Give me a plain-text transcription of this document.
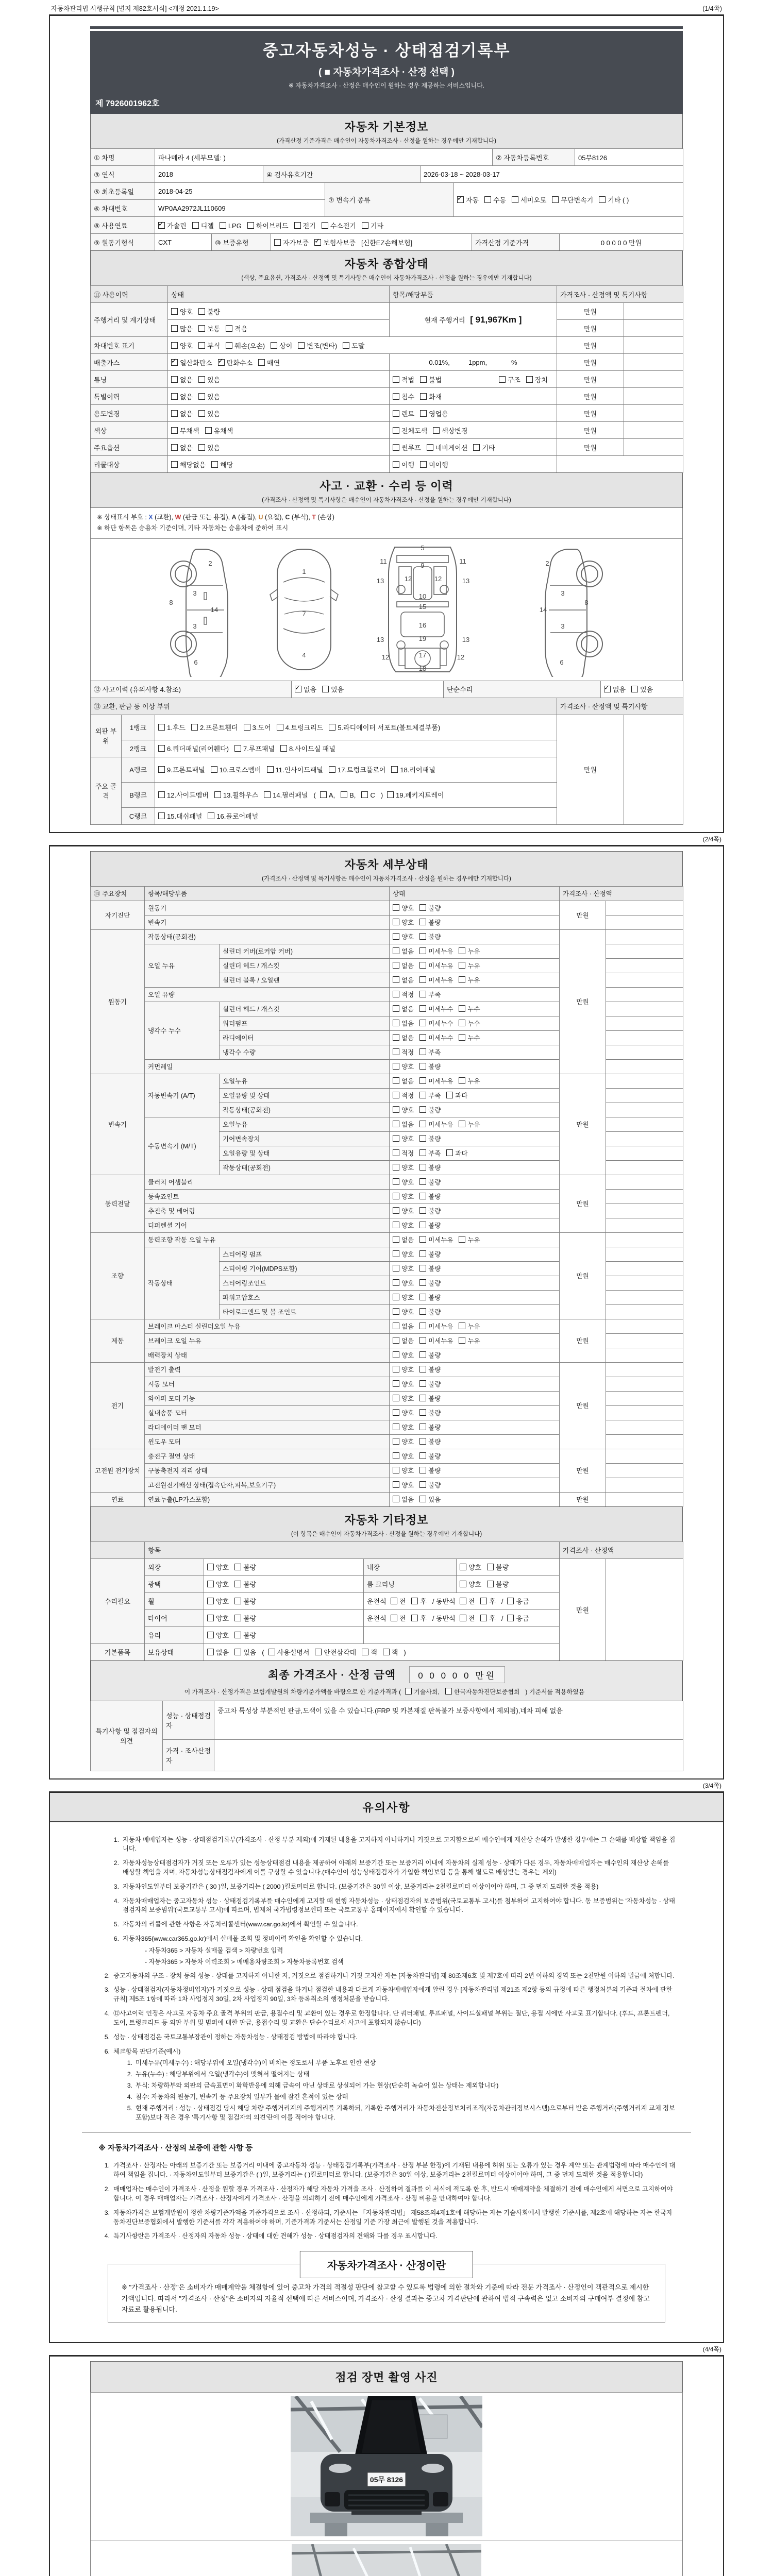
자동차관리법 시행규칙 [별지 제82호서식] <개정 2021.1.19>	(1/4쪽)
중고자동차성능 · 상태점검기록부
( ■ 자동차가격조사 · 산정 선택 )
※ 자동차가격조사 · 산정은 매수인이 원하는 경우 제공하는 서비스입니다.
제 7926001962호
자동차 기본정보
(가격산정 기준가격은 매수인이 자동차가격조사 · 산정을 원하는 경우에만 기재합니다)
① 차명	파나메라 4 (세부모델: )	② 자동차등록번호	05무8126
③ 연식	2018	④ 검사유효기간	2026-03-18 ~ 2028-03-17
⑤ 최초등록일	2018-04-25	⑦ 변속기 종류	✓자동 수동 세미오토 무단변속기 기타 ( )
⑥ 차대번호	WP0AA2972JL110609		
⑧ 사용연료	✓가솔린 디젤 LPG 하이브리드 전기 수소전기 기타
⑨ 원동기형식	CXT	⑩ 보증유형	자가보증 ✓ 보험사보증 [신한EZ손해보험]	가격산정 기준가격	0 0 0 0 0 만원
자동차 종합상태
(색상, 주요옵션, 가격조사 · 산정액 및 특기사항은 매수인이 자동차가격조사 · 산정을 원하는 경우에만 기재합니다)
⑪ 사용이력	상태	항목/해당부품	가격조사 · 산정액 및 특기사항	
주행거리 및 계기상태	양호 불량	현재 주행거리 [ 91,967Km ]	만원	
	많음 보통 적음		만원	
차대번호 표기	양호 부식 훼손(오손) 상이 변조(변타) 도말		만원	
배출가스	✓일산화탄소 ✓ 탄화수소 매연	0.01%,          1ppm,             %	만원	
튜닝	없음 있음	적법 불법 구조 장치	만원	
특별이력	없음 있음	침수 화재	만원	
용도변경	없음 있음	렌트 영업용	만원	
색상	무채색 유채색	전체도색 색상변경	만원	
주요옵션	없음 있음	썬루프 네비게이션 기타	만원	
리콜대상	해당없음 해당	이행 미이행		
사고 · 교환 · 수리 등 이력
(가격조사 · 산정액 및 특기사항은 매수인이 자동차가격조사 · 산정을 원하는 경우에만 기재합니다)
※ 상태표시 부호 : X (교환), W (판금 또는 용접), A (흠집), U (요철), C (부식), T (손상)
※ 하단 항목은 승용차 기준이며, 기타 자동차는 승용차에 준하여 표시
2
3
3
8
14
6
1
7
4
5
11
9
11
13	12	12	13
10
15
16
13	19	13
12	17	12
18
2
3
3
8
14
6
⑫ 사고이력 (유의사항 4.참조)	✓없음 있음	단순수리	✓없음 있음
⑬ 교환, 판금 등 이상 부위			가격조사 · 산정액 및 특기사항	
외판 부위	1랭크	1.후드 2.프론트휀더 3.도어 4.트렁크리드 5.라디에이터 서포트(볼트체결부품)	만원	
	2랭크	6.쿼더패널(리어휀다) 7.루프패널 8.사이드실 패널		
주요 골격	A랭크	9.프론트패널 10.크로스멤버 11.인사이드패널 17.트렁크플로어 18.리어패널		
	B랭크	12.사이드멤버 13.휠하우스 14.필러패널 ( A, B, C ) 19.페키지트레이		
	C랭크	15.대쉬패널 16.플로어패널		
(2/4쪽)
자동차 세부상태
(가격조사 · 산정액 및 특기사항은 매수인이 자동차가격조사 · 산정을 원하는 경우에만 기재합니다)
⑭ 주요장치	항목/해당부품		상태	가격조사 · 산정액	
자기진단	원동기		양호 불량	만원	
	변속기		양호 불량		
원동기	작동상태(공회전)		양호 불량	만원	
	오일 누유	실린더 커버(로커암 커버)	없음 미세누유 누유		
		실린더 헤드 / 개스킷	없음 미세누유 누유		
		실린더 블록 / 오일팬	없음 미세누유 누유		
	오일 유량		적정 부족		
	냉각수 누수	실린더 헤드 / 개스킷	없음 미세누수 누수		
		워터펌프	없음 미세누수 누수		
		라디에이터	없음 미세누수 누수		
		냉각수 수량	적정 부족		
	커먼레일		양호 불량		
변속기	자동변속기 (A/T)	오일누유	없음 미세누유 누유	만원	
		오일유량 및 상태	적정 부족 과다		
		작동상태(공회전)	양호 불량		
	수동변속기 (M/T)	오일누유	없음 미세누유 누유		
		기어변속장치	양호 불량		
		오일유량 및 상태	적정 부족 과다		
		작동상태(공회전)	양호 불량		
동력전달	클러치 어셈블리		양호 불량	만원	
	등속죠인트		양호 불량		
	추진축 및 베어링		양호 불량		
	디퍼렌셜 기어		양호 불량		
조향	동력조향 작동 오일 누유		없음 미세누유 누유	만원	
	작동상태	스티어링 펌프	양호 불량		
		스티어링 기어(MDPS포함)	양호 불량		
		스티어링조인트	양호 불량		
		파워고압호스	양호 불량		
		타이로드엔드 및 볼 조인트	양호 불량		
제동	브레이크 마스터 실린더오일 누유		없음 미세누유 누유	만원	
	브레이크 오일 누유		없음 미세누유 누유		
	배력장치 상태		양호 불량		
전기	발전기 출력		양호 불량	만원	
	시동 모터		양호 불량		
	와이퍼 모터 기능		양호 불량		
	실내송풍 모터		양호 불량		
	라디에이터 팬 모터		양호 불량		
	윈도우 모터		양호 불량		
고전원 전기장치	충전구 절연 상태		양호 불량	만원	
	구동축전지 격리 상태		양호 불량		
	고전원전기배선 상태(접속단자,피복,보호기구)		양호 불량		
연료	연료누출(LP가스포함)		없음 있음	만원	
자동차 기타정보
(이 항목은 매수인이 자동차가격조사 · 산정을 원하는 경우에만 기재합니다)
	항목				가격조사 · 산정액	
수리필요	외장	양호 불량	내장	양호 불량	만원	
	광택	양호 불량	룸 크리닝	양호 불량		
	휠	양호 불량	운전석 전 후 / 동반석 전 후 / 응급			
	타이어	양호 불량	운전석 전 후 / 동반석 전 후 / 응급			
	유리	양호 불량				
기본품목	보유상태	없음 있음 ( 사용설명서 안전삼각대 잭 잭 )				
최종 가격조사 · 산정 금액	0 0 0 0 0 만원
이 가격조사 · 산정가격은 보험개발원의 차량기준가액을 바탕으로 한 기준가격과 ( 기술사회, 한국자동차진단보증협회 ) 기준서를 적용하였음
특기사항 및 점검자의 의견	성능 · 상태점검자	중고차 특성상 부분적인 판금,도색이 있을 수 있습니다.(FRP 및 카본재질 판독불가 보증사항에서 제외됨),네차 피해 없음
	가격 · 조사산정자	
(3/4쪽)
유의사항
1. 자동차 매매업자는 성능 · 상태점검기록부(가격조사 · 산정 부분 제외)에 기재된 내용을 고지하지 아니하거나 거짓으로 고지함으로써 매수인에게 재산상 손해가 발생한 경우에는 그 손해를 배상할 책임을 집니다.
2. 자동차성능상태점검자가 거짓 또는 오류가 있는 성능상태점검 내용을 제공하여 아래의 보증기간 또는 보증거리 이내에 자동차의 실제 성능 · 상태가 다른 경우, 자동차매매업자는 매수인의 재산상 손해를 배상할 책임을 지며, 자동차성능상태점검자에게 이를 구상할 수 있습니다.(매수인이 성능상태점검자가 가입한 책임보험 등을 통해 별도로 배상받는 경우는 제외)
3. 자동차인도일부터 보증기간은 ( 30 )일, 보증거리는 ( 2000 )킬로미터로 합니다. (보증기간은 30일 이상, 보증거리는 2천킬로미터 이상이어야 하며, 그 중 먼저 도래한 것을 적용)
4. 자동차매매업자는 중고자동차 성능 · 상태점검기록부를 매수인에게 고지할 때 현행 자동차성능 · 상태점검자의 보증범위(국토교통부 고시)를 첨부하여 고지하여야 합니다. 동 보증범위는 '자동차성능 · 상태점검자의 보증범위'(국토교통부 고시)에 따르며, 법제처 국가법령정보센터 또는 국토교통부 홈페이지에서 확인할 수 있습니다.
5. 자동차의 리콜에 관한 사항은 자동차리콜센터(www.car.go.kr)에서 확인할 수 있습니다.
6. 자동차365(www.car365.go.kr)에서 실매물 조회 및 정비이력 확인을 확인할 수 있습니다.
- 자동차365 > 자동차 실매물 검색 > 차량번호 입력
- 자동차365 > 자동차 이력조회 > 매매용차량조회 > 자동차등록번호 검색
2. 중고자동차의 구조 · 장치 등의 성능 · 상태를 고지하지 아니한 자, 거짓으로 점검하거나 거짓 고지한 자는 [자동차관리법] 제 80조제6호 및 제7호에 따라 2년 이하의 징역 또는 2천만원 이하의 벌금에 처합니다.
3. 성능 · 상태점검자(자동차정비업자)가 거짓으로 성능 · 상태 점검을 하거나 점검한 내용과 다르게 자동차매매업자에게 알린 경우 [자동차관리법 제21조 제2항 등의 규정에 따른 행정처분의 기준과 절차에 관한 규칙] 제5조 1항에 따라 1차 사업정지 30일, 2차 사업정지 90일, 3차 등록취소의 행정처분을 받습니다.
4. ⑫사고이력 인정은 사고로 자동차 주요 골격 부위의 판금, 용접수리 및 교환이 있는 경우로 한정합니다. 단 쿼터패널, 루프패널, 사이드실패널 부위는 절단, 용접 시에만 사고로 표기합니다. (후드, 프론트펜더, 도어, 트렁크리드 등 외판 부위 및 범퍼에 대한 판금, 용접수리 및 교환은 단순수리로서 사고에 포함되지 않습니다)
5. 성능 · 상태점검은 국토교통부장관이 정하는 자동차성능 · 상태점검 방법에 따라야 합니다.
6. 체크항목 판단기준(예시)
1. 미세누유(미세누수) : 해당부위에 오일(냉각수)이 비치는 정도로서 부품 노후로 인한 현상
2. 누유(누수) : 해당부위에서 오일(냉각수)이 맺혀서 떨어지는 상태
3. 부식: 차량하부와 외판의 금속표면이 화학반응에 의해 금속이 아닌 상태로 상실되어 가는 현상(단순히 녹슬어 있는 상태는 제외합니다)
4. 침수: 자동차의 원동기, 변속기 등 주요장치 일부가 물에 잠긴 흔적이 있는 상태
5. 현재 주행거리 : 성능 · 상태점검 당시 해당 차량 주행거리계의 주행거리를 기록하되, 기록한 주행거리가 자동차전산정보처리조직(자동차관리정보시스템)으로부터 받은 주행거리(주행거리계 교체 정보 포함)보다 적은 경우 '특기사항 및 점검자의 의견'란에 이를 적어야 합니다.
※ 자동차가격조사 · 산정의 보증에 관한 사항 등
1. 가격조사 · 산정자는 아래의 보증기간 또는 보증거리 이내에 중고자동차 성능 · 상태점검기록부(가격조사 · 산정 부분 한정)에 기재된 내용에 허위 또는 오류가 있는 경우 계약 또는 관계법령에 따라 매수인에 대하여 책임을 집니다. · 자동차인도일부터 보증기간은 ( )일, 보증거리는 ( )킬로미터로 합니다. (보증기간은 30일 이상, 보증거리는 2천킬로미터 이상이어야 하며, 그 중 먼저 도래한 것을 적용합니다)
2. 매매업자는 매수인이 가격조사 · 산정을 원할 경우 가격조사 · 산정자가 해당 자동차 가격을 조사 · 산정하여 결과를 이 서식에 적도록 한 후, 반드시 매매계약을 체결하기 전에 매수인에게 서면으로 고지하여야 합니다. 이 경우 매매업자는 가격조사 · 산정자에게 가격조사 · 산정을 의뢰하기 전에 매수인에게 가격조사 · 산정 비용을 안내하여야 합니다.
3. 자동차가격은 보험개발원이 정한 차량기준가액을 기준가격으로 조사 · 산정하되, 기준서는 「자동차관리법」 제58조의4제1호에 해당하는 자는 기술사회에서 발행한 기준서를, 제2호에 해당하는 자는 한국자동차진단보증협회에서 발행한 기준서를 각각 적용하여야 하며, 기준가격과 기준서는 산정일 기준 가장 최근에 발행된 것을 적용합니다.
4. 특기사항란은 가격조사 · 산정자의 자동차 성능 · 상태에 대한 견해가 성능 · 상태점검자의 견해와 다를 경우 표시합니다.
자동차가격조사 · 산정이란
※ "가격조사 · 산정"은 소비자가 매매계약을 체결함에 있어 중고차 가격의 적절성 판단에 참고할 수 있도록 법령에 의한 절차와 기준에 따라 전문 가격조사 · 산정인이 객관적으로 제시한 가액입니다. 따라서 "가격조사 · 산정"은 소비자의 자율적 선택에 따른 서비스이며, 가격조사 · 산정 결과는 중고차 가격판단에 관하여 법적 구속력은 없고 소비자의 구매여부 결정에 참고자료로 활용됩니다.
(4/4쪽)
점검 장면 촬영 사진
05무 8126
